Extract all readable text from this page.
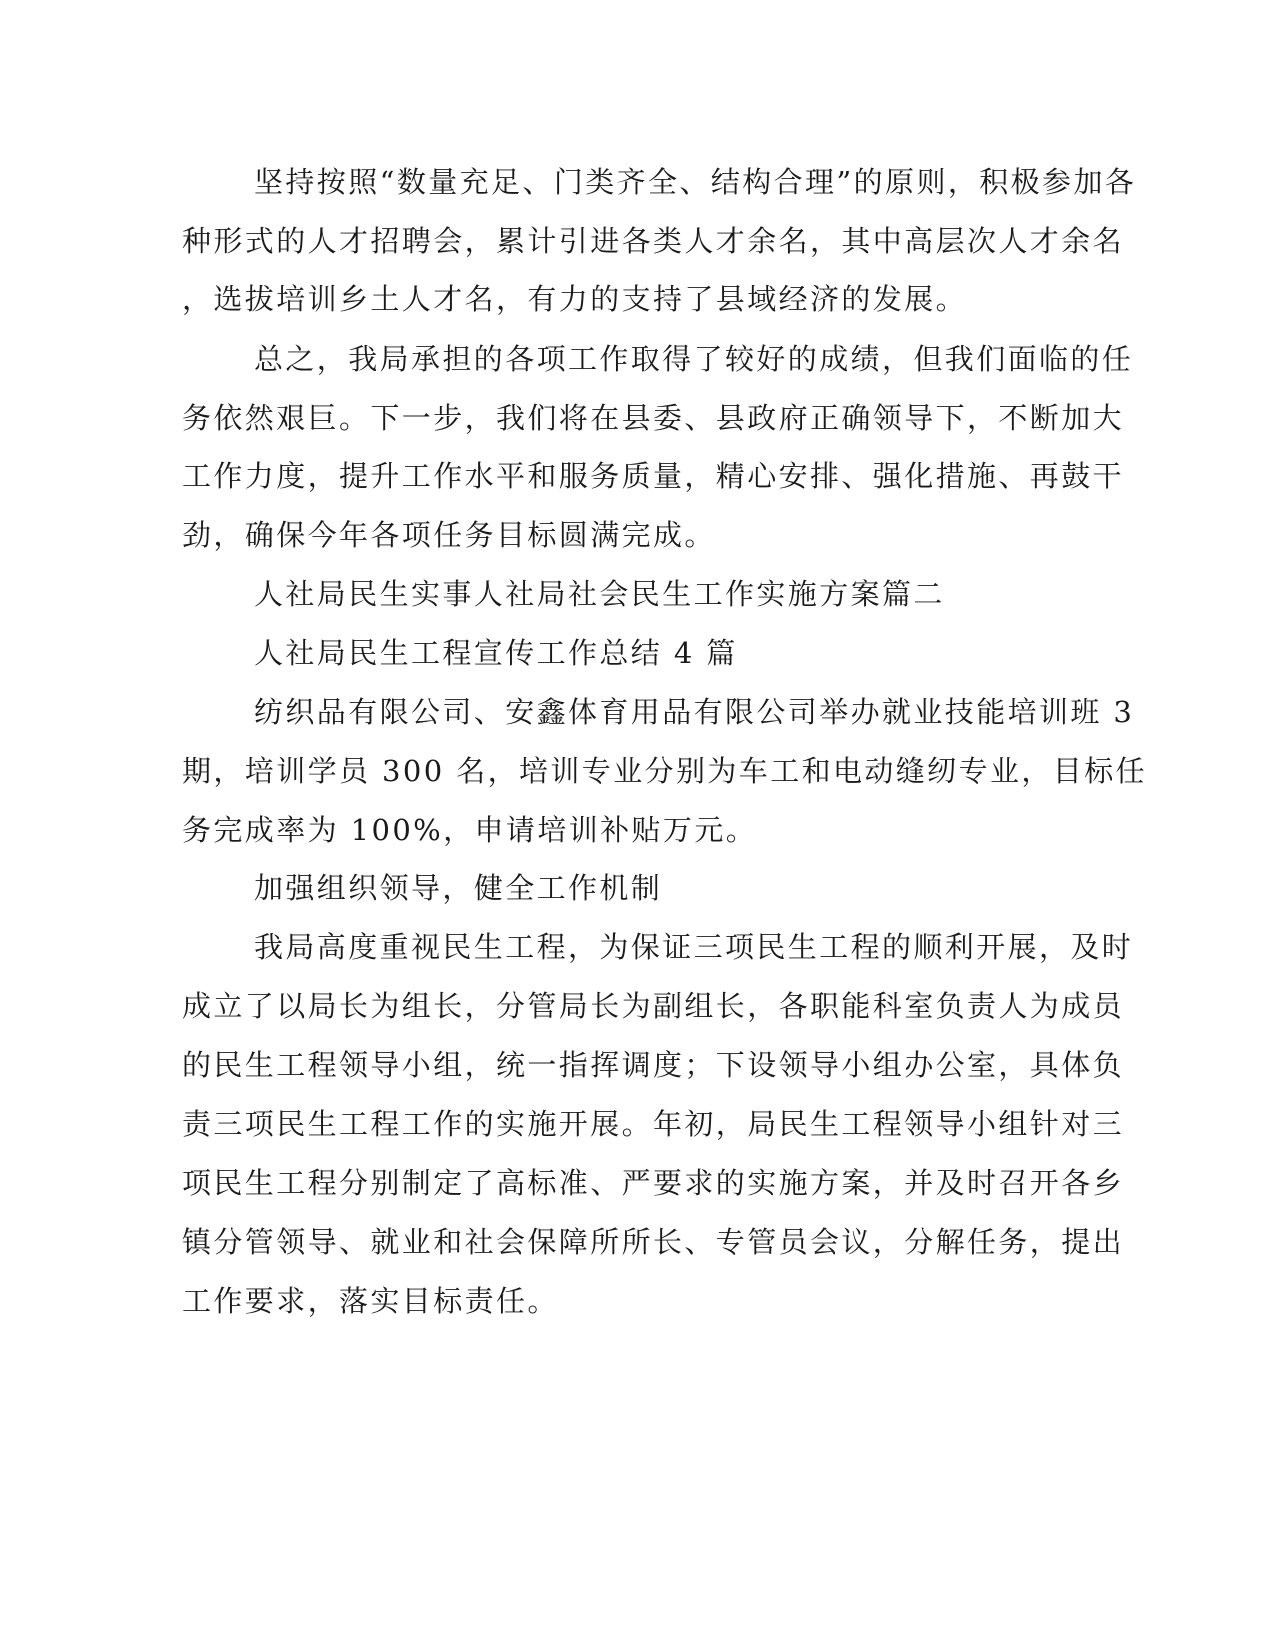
坚持按照“数量充足、门类齐全、结构合理”的原则，积极参加各
种形式的人才招聘会，累计引进各类人才余名，其中高层次人才余名
，选拔培训乡土人才名，有力的支持了县域经济的发展。
总之，我局承担的各项工作取得了较好的成绩，但我们面临的任
务依然艰巨。下一步，我们将在县委、县政府正确领导下，不断加大
工作力度，提升工作水平和服务质量，精心安排、强化措施、再鼓干
劲，确保今年各项任务目标圆满完成。
人社局民生实事人社局社会民生工作实施方案篇二
人社局民生工程宣传工作总结 4 篇
纺织品有限公司、安鑫体育用品有限公司举办就业技能培训班 3
期，培训学员 300 名，培训专业分别为车工和电动缝纫专业，目标任
务完成率为 100%，申请培训补贴万元。
加强组织领导，健全工作机制
我局高度重视民生工程，为保证三项民生工程的顺利开展，及时
成立了以局长为组长，分管局长为副组长，各职能科室负责人为成员
的民生工程领导小组，统一指挥调度；下设领导小组办公室，具体负
责三项民生工程工作的实施开展。年初，局民生工程领导小组针对三
项民生工程分别制定了高标准、严要求的实施方案，并及时召开各乡
镇分管领导、就业和社会保障所所长、专管员会议，分解任务，提出
工作要求，落实目标责任。
